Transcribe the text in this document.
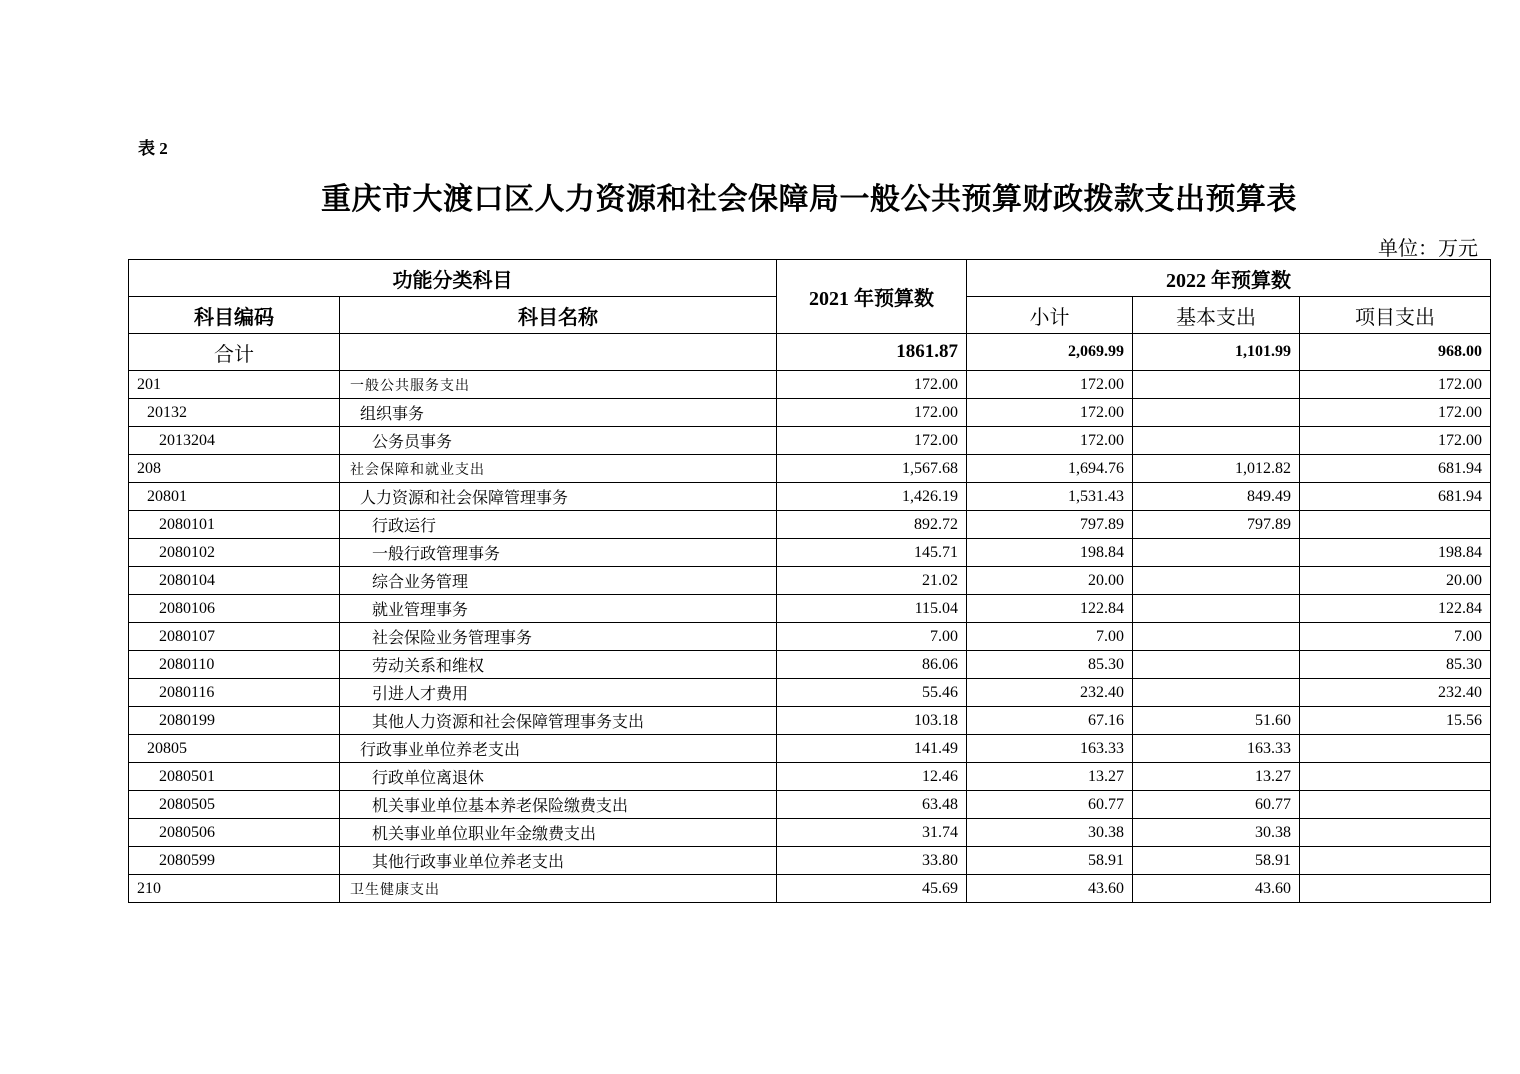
表 2
重庆市大渡口区人力资源和社会保障局一般公共预算财政拨款支出预算表
单位：万元
功能分类科目		2021 年预算数	2022 年预算数		
科目编码	科目名称		小计	基本支出	项目支出
合计		1861.87	2,069.99	1,101.99	968.00
201	一般公共服务支出	172.00	172.00		172.00
20132	组织事务	172.00	172.00		172.00
2013204	公务员事务	172.00	172.00		172.00
208	社会保障和就业支出	1,567.68	1,694.76	1,012.82	681.94
20801	人力资源和社会保障管理事务	1,426.19	1,531.43	849.49	681.94
2080101	行政运行	892.72	797.89	797.89	
2080102	一般行政管理事务	145.71	198.84		198.84
2080104	综合业务管理	21.02	20.00		20.00
2080106	就业管理事务	115.04	122.84		122.84
2080107	社会保险业务管理事务	7.00	7.00		7.00
2080110	劳动关系和维权	86.06	85.30		85.30
2080116	引进人才费用	55.46	232.40		232.40
2080199	其他人力资源和社会保障管理事务支出	103.18	67.16	51.60	15.56
20805	行政事业单位养老支出	141.49	163.33	163.33	
2080501	行政单位离退休	12.46	13.27	13.27	
2080505	机关事业单位基本养老保险缴费支出	63.48	60.77	60.77	
2080506	机关事业单位职业年金缴费支出	31.74	30.38	30.38	
2080599	其他行政事业单位养老支出	33.80	58.91	58.91	
210	卫生健康支出	45.69	43.60	43.60	
